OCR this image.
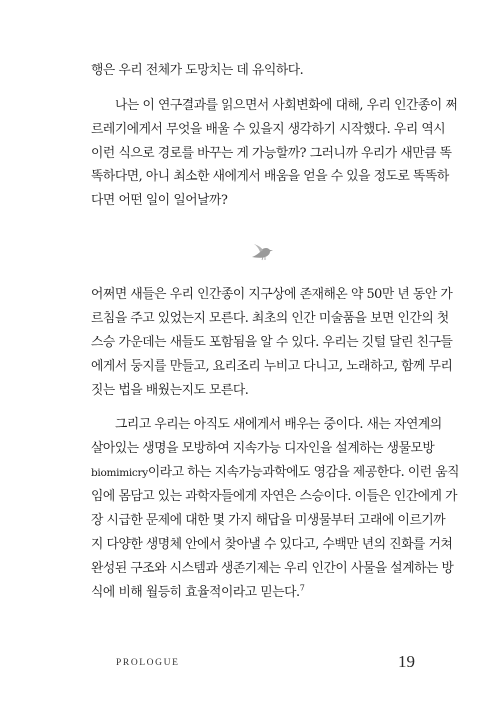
행은 우리 전체가 도망치는 데 유익하다.
나는 이 연구결과를 읽으면서 사회변화에 대해, 우리 인간종이 쩌
르레기에게서 무엇을 배울 수 있을지 생각하기 시작했다. 우리 역시
이런 식으로 경로를 바꾸는 게 가능할까? 그러니까 우리가 새만큼 똑
똑하다면, 아니 최소한 새에게서 배움을 얻을 수 있을 정도로 똑똑하
다면 어떤 일이 일어날까?
어쩌면 새들은 우리 인간종이 지구상에 존재해온 약 50만 년 동안 가
르침을 주고 있었는지 모른다. 최초의 인간 미술품을 보면 인간의 첫
스승 가운데는 새들도 포함됨을 알 수 있다. 우리는 깃털 달린 친구들
에게서 둥지를 만들고, 요리조리 누비고 다니고, 노래하고, 함께 무리
짓는 법을 배웠는지도 모른다.
그리고 우리는 아직도 새에게서 배우는 중이다. 새는 자연계의
살아있는 생명을 모방하여 지속가능 디자인을 설계하는 생물모방
biomimicry이라고 하는 지속가능과학에도 영감을 제공한다. 이런 움직
임에 몸담고 있는 과학자들에게 자연은 스승이다. 이들은 인간에게 가
장 시급한 문제에 대한 몇 가지 해답을 미생물부터 고래에 이르기까
지 다양한 생명체 안에서 찾아낼 수 있다고, 수백만 년의 진화를 거쳐
완성된 구조와 시스템과 생존기제는 우리 인간이 사물을 설계하는 방
식에 비해 월등히 효율적이라고 믿는다.$^7$
PROLOGUE	19
